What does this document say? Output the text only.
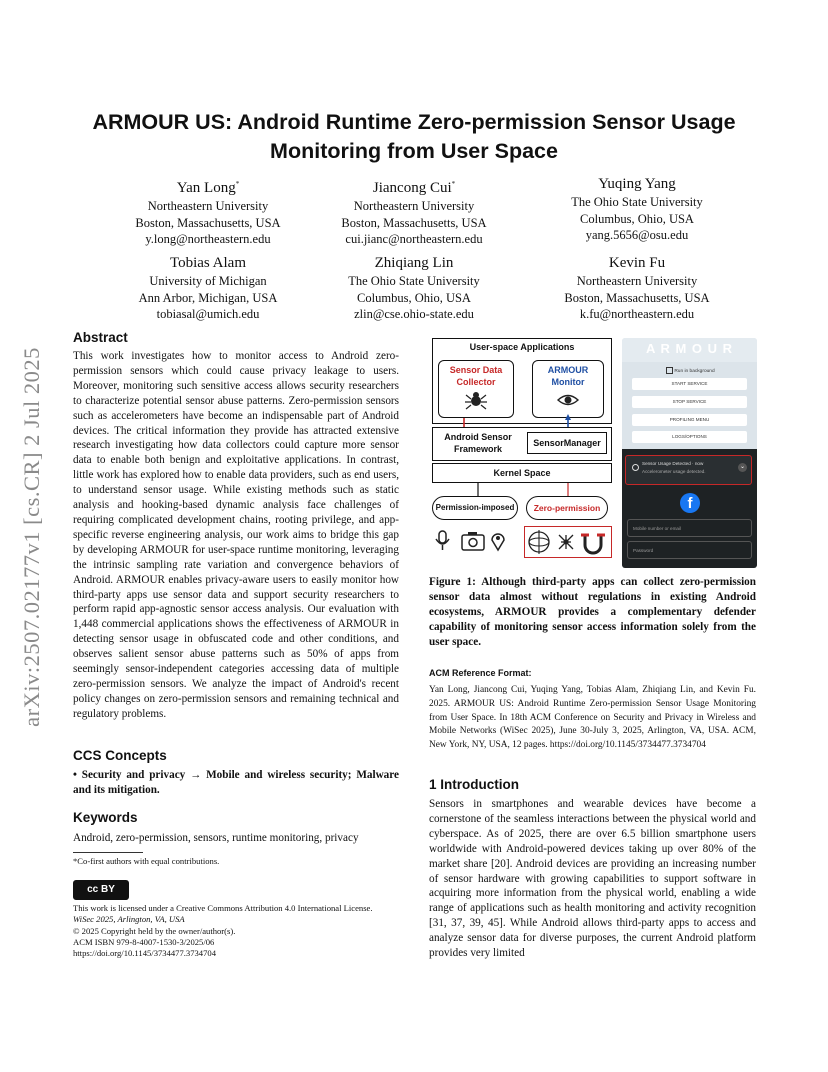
arXiv:2507.02177v1 [cs.CR] 2 Jul 2025
ARMOUR US: Android Runtime Zero-permission Sensor Usage
Monitoring from User Space
Yan Long*
Northeastern University
Boston, Massachusetts, USA
y.long@northeastern.edu
Jiancong Cui*
Northeastern University
Boston, Massachusetts, USA
cui.jianc@northeastern.edu
Yuqing Yang
The Ohio State University
Columbus, Ohio, USA
yang.5656@osu.edu
Tobias Alam
University of Michigan
Ann Arbor, Michigan, USA
tobiasal@umich.edu
Zhiqiang Lin
The Ohio State University
Columbus, Ohio, USA
zlin@cse.ohio-state.edu
Kevin Fu
Northeastern University
Boston, Massachusetts, USA
k.fu@northeastern.edu
Abstract
This work investigates how to monitor access to Android zero-permission sensors which could cause privacy leakage to users. Moreover, monitoring such sensitive access allows security researchers to characterize potential sensor abuse patterns. Zero-permission sensors such as accelerometers have become an indispensable part of Android devices. The critical information they provide has attracted extensive research investigating how data collectors could capture more sensor data to enable both benign and exploitative applications. In contrast, little work has explored how to enable data providers, such as end users, to understand sensor usage. While existing methods such as static analysis and hooking-based dynamic analysis face challenges of requiring complicated development chains, rooting privilege, and app-specific reverse engineering analysis, our work aims to bridge this gap by developing ARMOUR for user-space runtime monitoring, leveraging the intrinsic sampling rate variation and convergence behaviors of Android. ARMOUR enables privacy-aware users to easily monitor how third-party apps use sensor data and support security researchers to perform rapid app-agnostic sensor access analysis. Our evaluation with 1,448 commercial applications shows the effectiveness of ARMOUR in detecting sensor usage in obfuscated code and other conditions, and observes salient sensor abuse patterns such as 50% of apps from seemingly sensor-independent categories accessing data of multiple zero-permission sensors. We analyze the impact of Android's recent policy changes on zero-permission sensors and remaining technical and regulatory problems.
CCS Concepts
• Security and privacy → Mobile and wireless security; Malware and its mitigation.
Keywords
Android, zero-permission, sensors, runtime monitoring, privacy
*Co-first authors with equal contributions.
cc BY
This work is licensed under a Creative Commons Attribution 4.0 International License.
WiSec 2025, Arlington, VA, USA
© 2025 Copyright held by the owner/author(s).
ACM ISBN 979-8-4007-1530-3/2025/06
https://doi.org/10.1145/3734477.3734704
User-space Applications
Sensor Data Collector
ARMOUR Monitor
Android Sensor Framework
SensorManager
Kernel Space
Permission-imposed	Zero-permission
A R M O U R
Run in background
START SERVICE
STOP SERVICE
PROFILING MENU
LOGS/OPTIONS
Sensor Usage Detected · now
Accelerometer usage detected.
⌄
f
Mobile number or email
Password
Figure 1: Although third-party apps can collect zero-permission sensor data almost without regulations in existing Android ecosystems, ARMOUR provides a complementary defender capability of monitoring sensor access information solely from the user space.
ACM Reference Format:
Yan Long, Jiancong Cui, Yuqing Yang, Tobias Alam, Zhiqiang Lin, and Kevin Fu. 2025. ARMOUR US: Android Runtime Zero-permission Sensor Usage Monitoring from User Space. In 18th ACM Conference on Security and Privacy in Wireless and Mobile Networks (WiSec 2025), June 30-July 3, 2025, Arlington, VA, USA. ACM, New York, NY, USA, 12 pages. https://doi.org/10.1145/3734477.3734704
1 Introduction
Sensors in smartphones and wearable devices have become a cornerstone of the seamless interactions between the physical world and cyberspace. As of 2025, there are over 6.5 billion smartphone users worldwide with Android-powered devices taking up over 80% of the market share [20]. Android devices are providing an increasing number of sensor hardware with growing capabilities to support software in acquiring more information from the physical world, enabling a wide range of applications such as health monitoring and activity recognition [31, 37, 39, 45]. While Android allows third-party apps to access and analyze sensor data for diverse purposes, the current Android platform provides very limited
